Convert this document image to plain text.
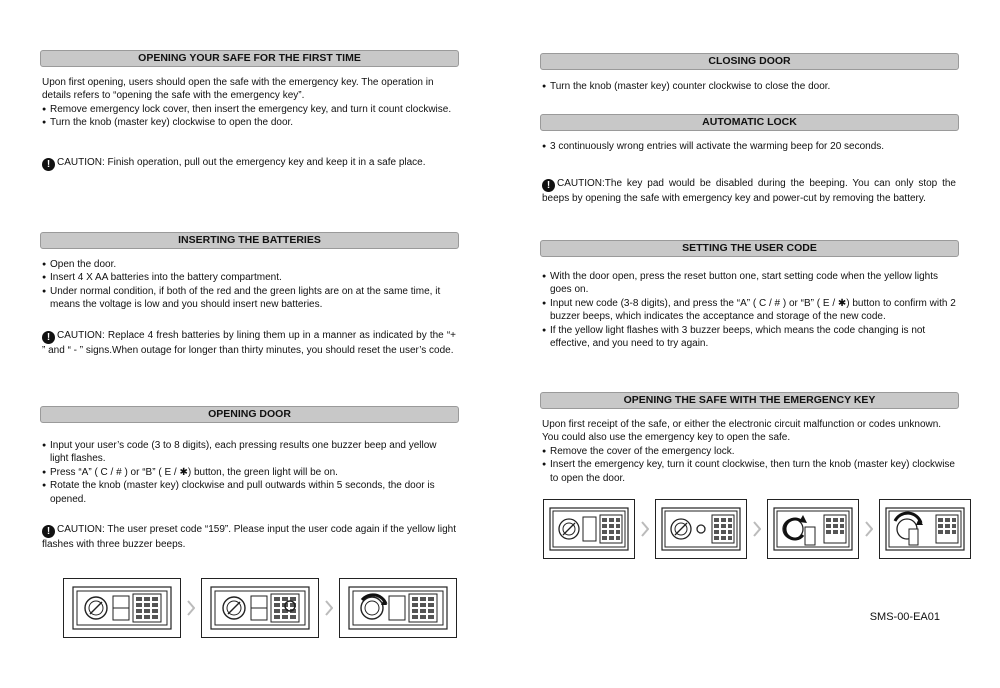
OPENING YOUR SAFE FOR THE FIRST TIME

Upon first opening, users should open the safe with the emergency key. The operation in details refers to “opening the safe with the emergency key”.

● Remove emergency lock cover, then insert the emergency key, and turn it count clockwise.
● Turn the knob (master key) clockwise to open the door.
! CAUTION: Finish operation, pull out the emergency key and keep it in a safe place.
INSERTING THE BATTERIES
● Open the door.
● Insert 4 X AA batteries into the battery compartment.
● Under normal condition, if both of the red and the green lights are on at the same time, it means the voltage is low and you should insert new batteries.
! CAUTION: Replace 4 fresh batteries by lining them up in a manner as indicated by the “+ ” and “ - ” signs.When outage for longer than thirty minutes, you should reset the user’s code.
OPENING DOOR
● Input your user’s code (3 to 8 digits), each pressing results one buzzer beep and yellow light flashes.
● Press “A” ( C / # ) or “B” ( E / ✱) button, the green light will be on.
● Rotate the knob (master key) clockwise and pull outwards within 5 seconds, the door is opened.
! CAUTION: The user preset code “159”. Please input the user code again if the yellow light flashes with three buzzer beeps.
CLOSING DOOR
● Turn the knob (master key) counter clockwise to close the door.
AUTOMATIC LOCK
● 3 continuously wrong entries will activate the warming beep for 20 seconds.
! CAUTION:The key pad would be disabled during the beeping. You can only stop the beeps by opening the safe with emergency key and power-cut by removing the battery.
SETTING THE USER CODE
● With the door open, press the reset button one, start setting code when the yellow lights goes on.
● Input new code (3-8 digits), and press the “A” ( C / # ) or “B” ( E / ✱) button to confirm with 2 buzzer beeps, which indicates the acceptance and storage of the new code.
● If the yellow light flashes with 3 buzzer beeps, which means the code changing is not effective, and you need to try again.
OPENING THE SAFE WITH THE EMERGENCY KEY

Upon first receipt of the safe, or either the electronic circuit malfunction or codes unknown. You could also use the emergency key to open the safe.

● Remove the cover of the emergency lock.
● Insert the emergency key, turn it count clockwise, then turn the knob (master key) clockwise to open the door.
SMS-00-EA01
